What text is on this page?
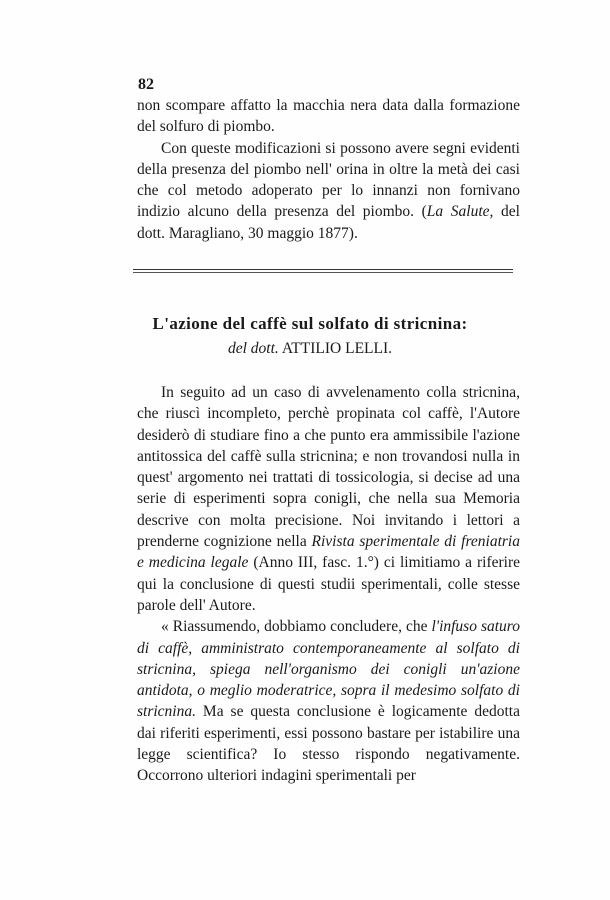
82

non scompare affatto la macchia nera data dalla formazione del solfuro di piombo.

Con queste modificazioni si possono avere segni evidenti della presenza del piombo nell' orina in oltre la metà dei casi che col metodo adoperato per lo innanzi non fornivano indizio alcuno della presenza del piombo. (La Salute, del dott. Maragliano, 30 maggio 1877).

L'azione del caffè sul solfato di stricnina:
del dott. ATTILIO LELLI.

In seguito ad un caso di avvelenamento colla stricnina, che riuscì incompleto, perchè propinata col caffè, l'Autore desiderò di studiare fino a che punto era ammissibile l'azione antitossica del caffè sulla stricnina; e non trovandosi nulla in quest' argomento nei trattati di tossicologia, si decise ad una serie di esperimenti sopra conigli, che nella sua Memoria descrive con molta precisione. Noi invitando i lettori a prenderne cognizione nella Rivista sperimentale di freniatria e medicina legale (Anno III, fasc. 1.°) ci limitiamo a riferire qui la conclusione di questi studii sperimentali, colle stesse parole dell' Autore.

« Riassumendo, dobbiamo concludere, che l'infuso saturo di caffè, amministrato contemporaneamente al solfato di stricnina, spiega nell'organismo dei conigli un'azione antidota, o meglio moderatrice, sopra il medesimo solfato di stricnina. Ma se questa conclusione è logicamente dedotta dai riferiti esperimenti, essi possono bastare per istabilire una legge scientifica? Io stesso rispondo negativamente. Occorrono ulteriori indagini sperimentali per
